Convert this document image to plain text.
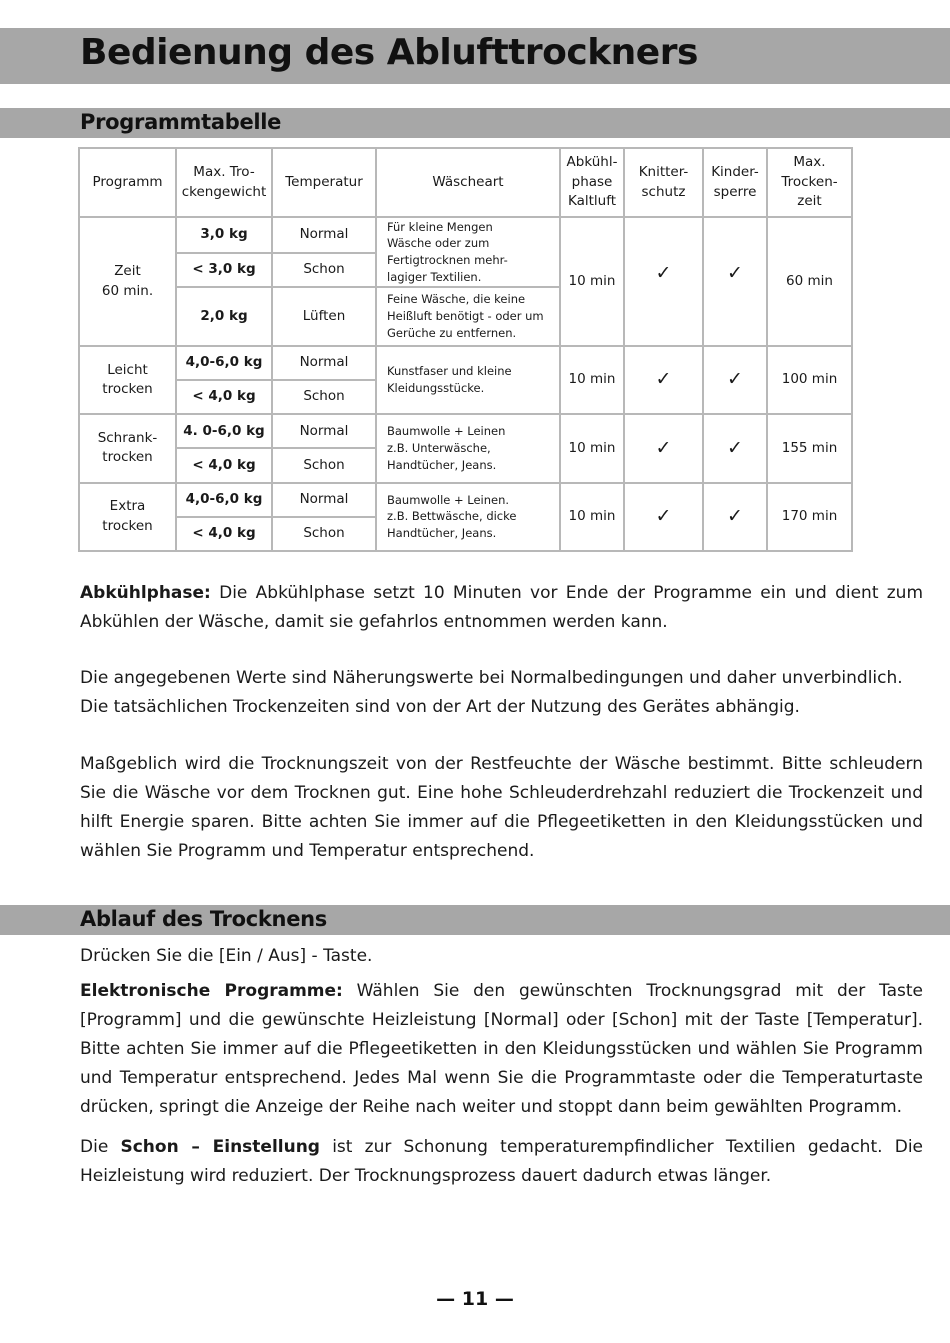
Bedienung des Ablufttrockners
Programmtabelle
Programm	Max. Tro-
ckengewicht	Temperatur	Wäscheart	Abkühl-
phase
Kaltluft	Knitter-
schutz	Kinder-
sperre	Max.
Trocken-
zeit
Zeit
60 min.	3,0 kg	Normal	Für kleine Mengen
Wäsche oder zum
Fertigtrocknen mehr-
lagiger Textilien.	10 min	✓	✓	60 min
	< 3,0 kg	Schon					
	2,0 kg	Lüften	Feine Wäsche, die keine
Heißluft benötigt - oder um
Gerüche zu entfernen.				
Leicht
trocken	4,0-6,0 kg	Normal	Kunstfaser und kleine
Kleidungsstücke.	10 min	✓	✓	100 min
	< 4,0 kg	Schon					
Schrank-
trocken	4. 0-6,0 kg	Normal	Baumwolle + Leinen
z.B. Unterwäsche,
Handtücher, Jeans.	10 min	✓	✓	155 min
	< 4,0 kg	Schon					
Extra
trocken	4,0-6,0 kg	Normal	Baumwolle + Leinen.
z.B. Bettwäsche, dicke
Handtücher, Jeans.	10 min	✓	✓	170 min
	< 4,0 kg	Schon					

Abkühlphase: Die Abkühlphase setzt 10 Minuten vor Ende der Programme ein und dient zum Abkühlen der Wäsche, damit sie gefahrlos entnommen werden kann.

Die angegebenen Werte sind Näherungswerte bei Normalbedingungen und daher unverbindlich.

Die tatsächlichen Trockenzeiten sind von der Art der Nutzung des Gerätes abhängig.

Maßgeblich wird die Trocknungszeit von der Restfeuchte der Wäsche bestimmt. Bitte schleudern Sie die Wäsche vor dem Trocknen gut. Eine hohe Schleuderdrehzahl reduziert die Trockenzeit und hilft Energie sparen. Bitte achten Sie immer auf die Pflegeetiketten in den Kleidungsstücken und wählen Sie Programm und Temperatur entsprechend.

Ablauf des Trocknens

Drücken Sie die [Ein / Aus] - Taste.

Elektronische Programme: Wählen Sie den gewünschten Trocknungsgrad mit der Taste [Programm] und die gewünschte Heizleistung [Normal] oder [Schon] mit der Taste [Temperatur]. Bitte achten Sie immer auf die Pflegeetiketten in den Kleidungsstücken und wählen Sie Programm und Temperatur entsprechend. Jedes Mal wenn Sie die Programmtaste oder die Temperaturtaste drücken, springt die Anzeige der Reihe nach weiter und stoppt dann beim gewählten Programm.

Die Schon – Einstellung ist zur Schonung temperaturempfindlicher Textilien gedacht. Die Heizleistung wird reduziert. Der Trocknungsprozess dauert dadurch etwas länger.

— 11 —
